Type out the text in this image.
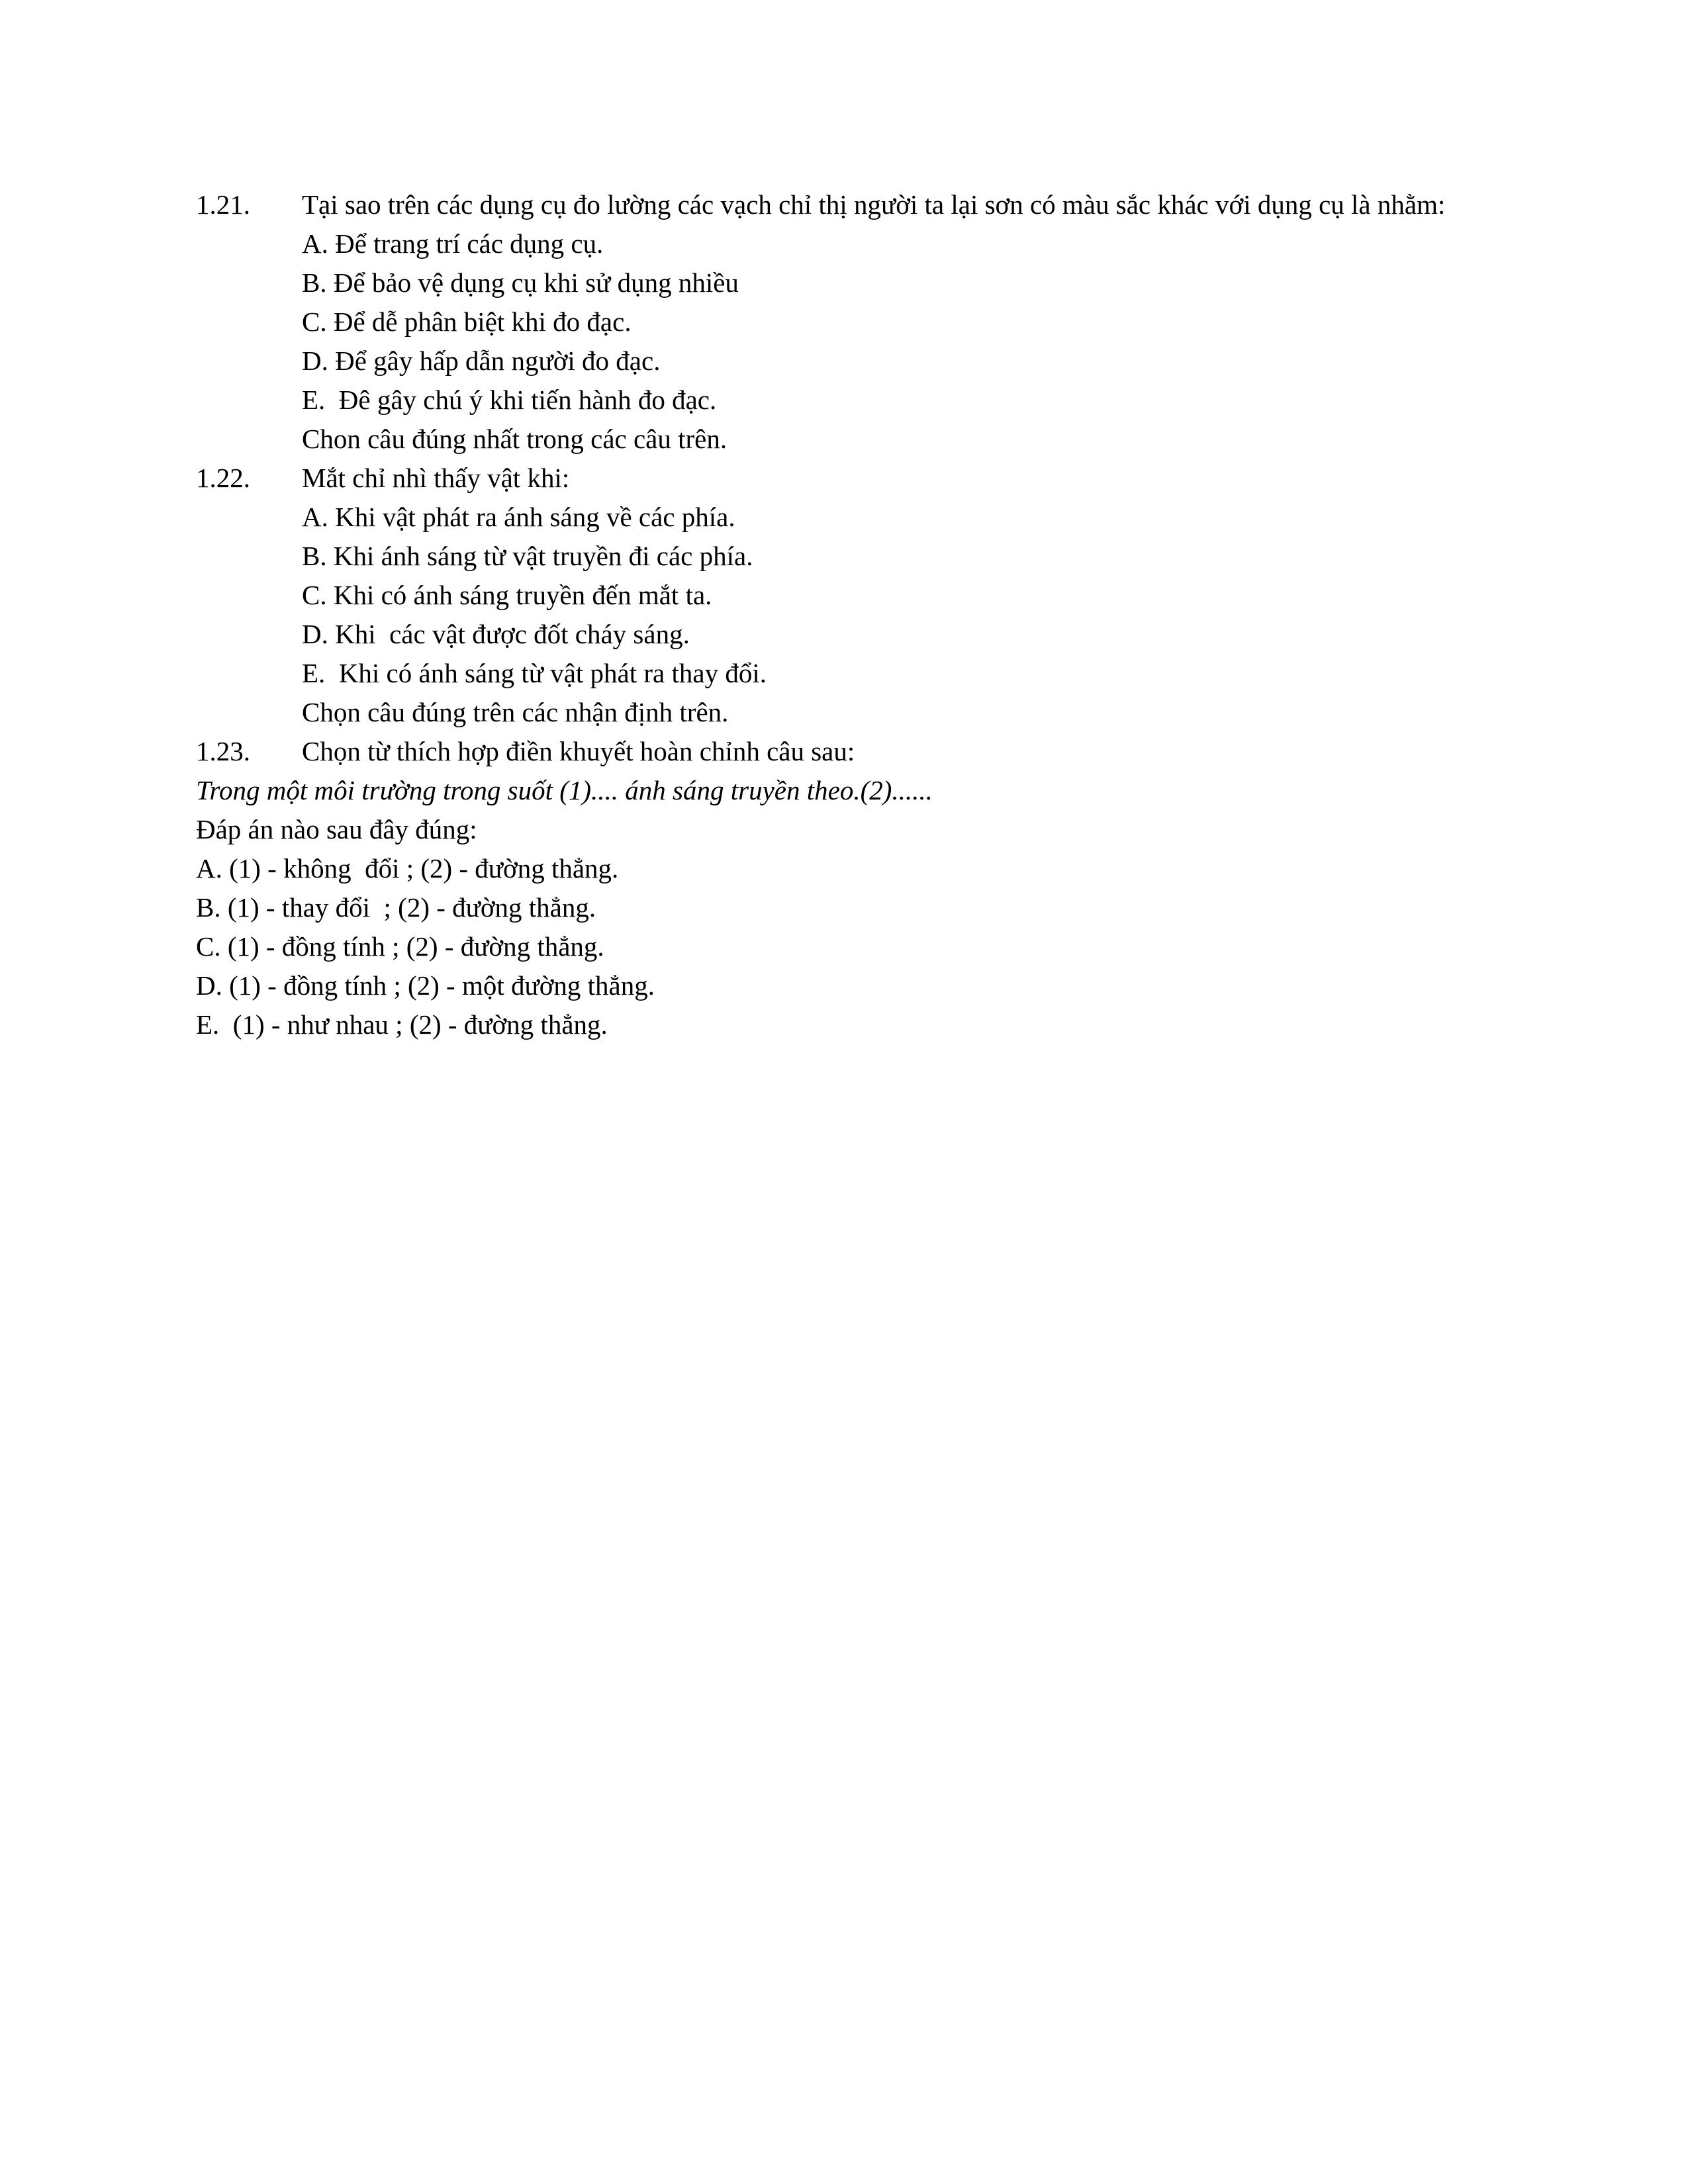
1.21.	Tại sao trên các dụng cụ đo lường các vạch chỉ thị người ta lại sơn có màu sắc khác với dụng cụ là nhằm:
A. Để trang trí các dụng cụ.
B. Để bảo vệ dụng cụ khi sử dụng nhiều
C. Để dễ phân biệt khi đo đạc.
D. Để gây hấp dẫn người đo đạc.
E.  Đê gây chú ý khi tiến hành đo đạc.
Chon câu đúng nhất trong các câu trên.
1.22.	Mắt chỉ nhì thấy vật khi:
A. Khi vật phát ra ánh sáng về các phía.
B. Khi ánh sáng từ vật truyền đi các phía.
C. Khi có ánh sáng truyền đến mắt ta.
D. Khi  các vật được đốt cháy sáng.
E.  Khi có ánh sáng từ vật phát ra thay đổi.
Chọn câu đúng trên các nhận định trên.
1.23.	Chọn từ thích hợp điền khuyết hoàn chỉnh câu sau:
Trong một môi trường trong suốt (1).... ánh sáng truyền theo.(2)......
Đáp án nào sau đây đúng:
A. (1) - không  đổi ; (2) - đường thẳng.
B. (1) - thay đổi  ; (2) - đường thẳng.
C. (1) - đồng tính ; (2) - đường thẳng.
D. (1) - đồng tính ; (2) - một đường thẳng.
E.  (1) - như nhau ; (2) - đường thẳng.
